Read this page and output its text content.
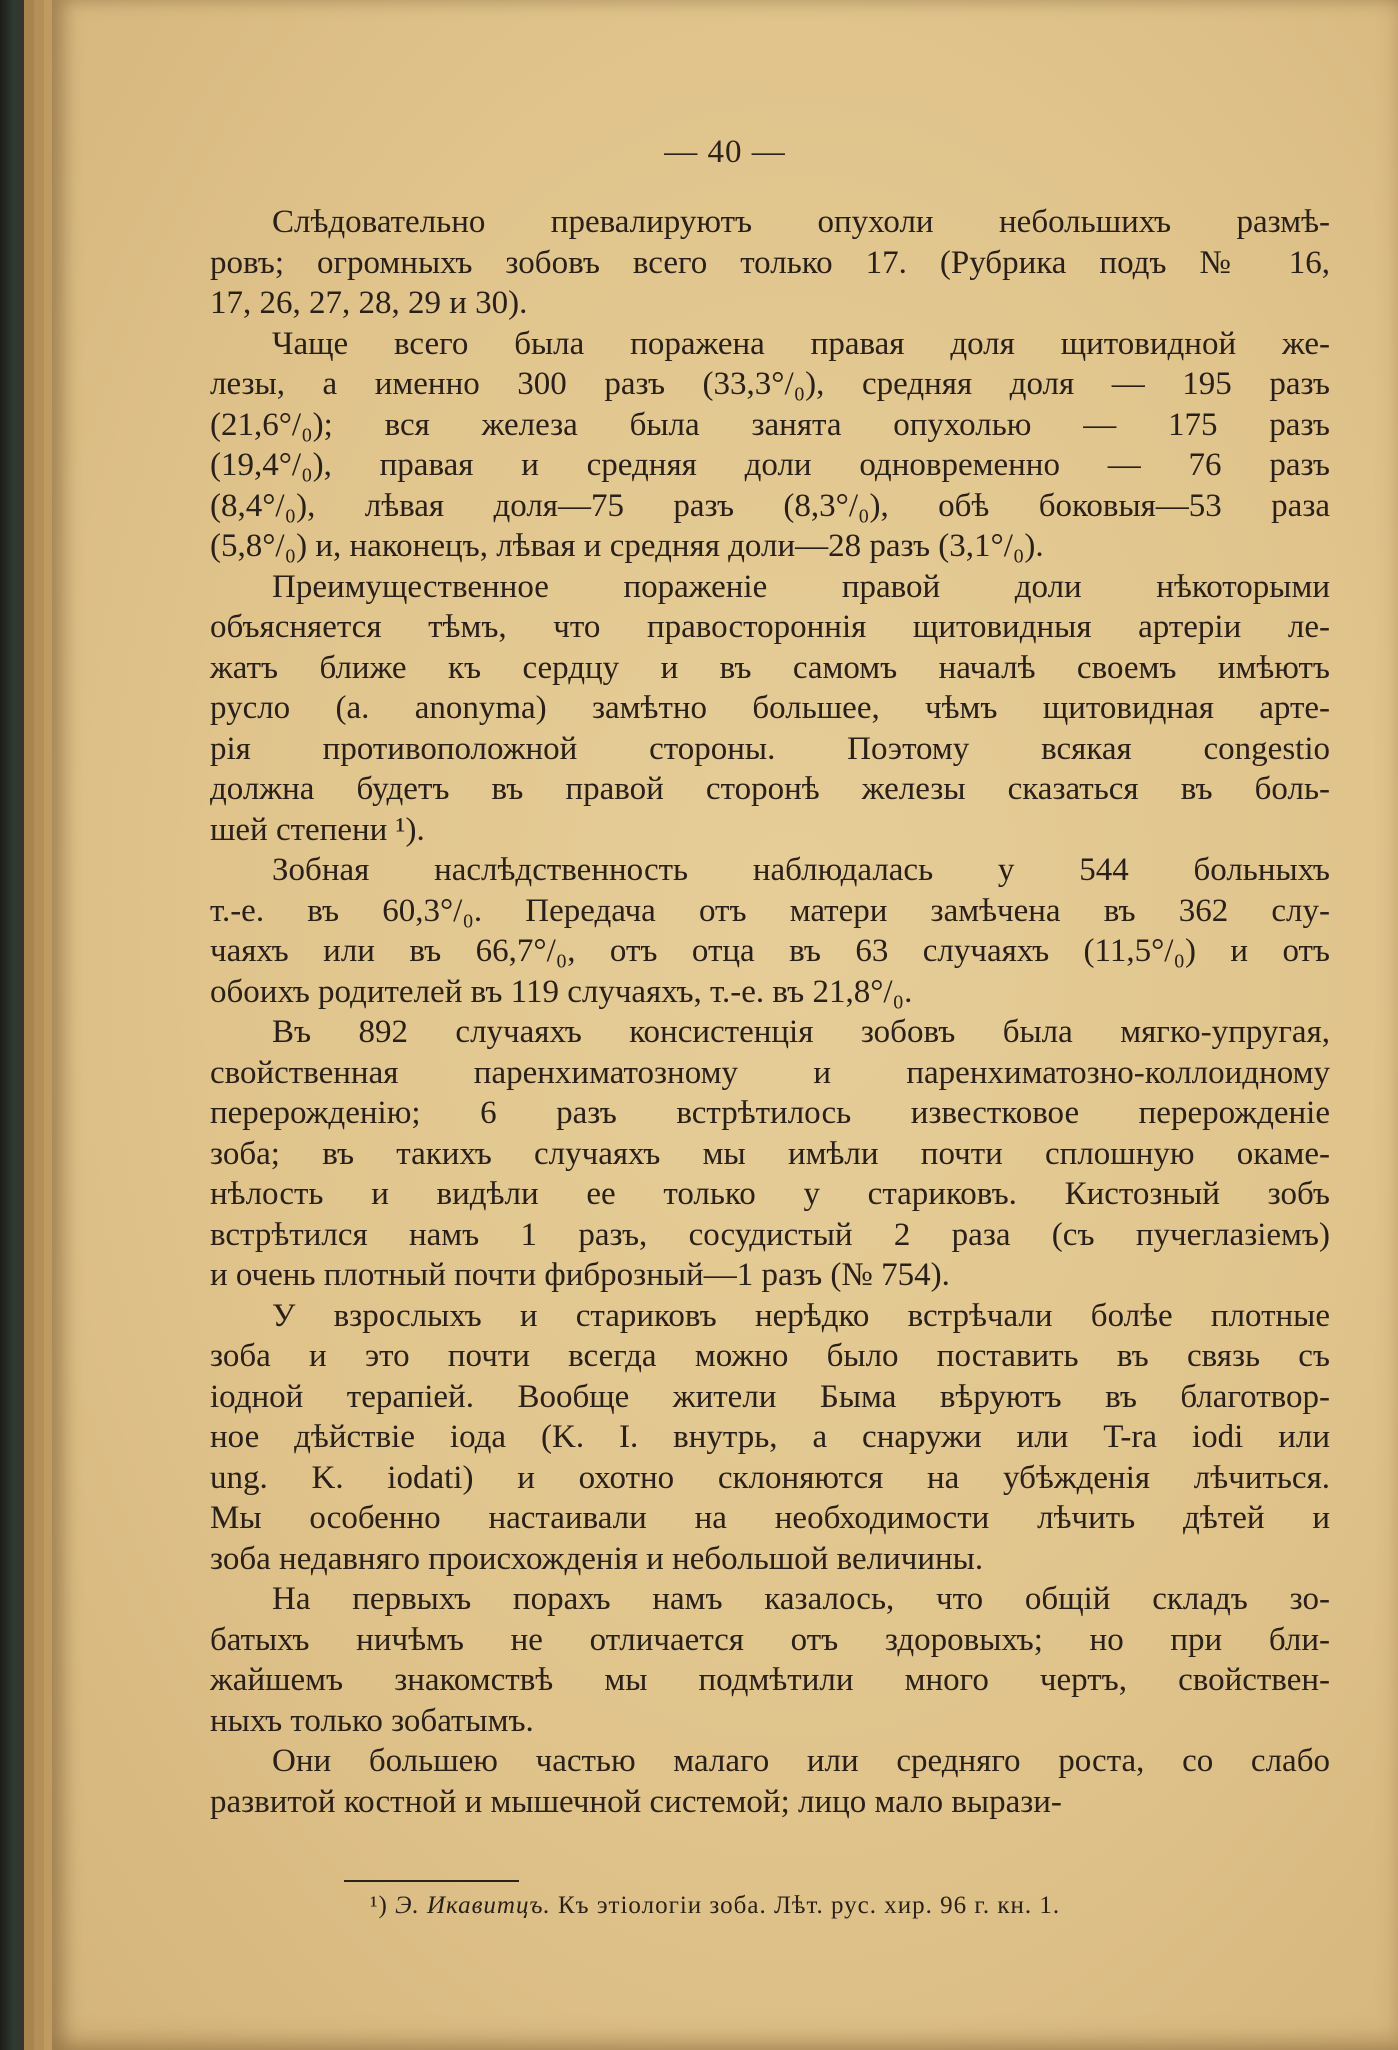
— 40 —
¹) Э. Икавитцъ. Къ этіологіи зоба. Лѣт. рус. хир. 96 г. кн. 1.
Слѣдовательно превалируютъ опухоли небольшихъ размѣ-
ровъ; огромныхъ зобовъ всего только 17. (Рубрика подъ № 16,
17, 26, 27, 28, 29 и 30).
Чаще всего была поражена правая доля щитовидной же-
лезы, а именно 300 разъ (33,3°/₀), средняя доля — 195 разъ
(21,6°/₀); вся железа была занята опухолью — 175 разъ
(19,4°/₀), правая и средняя доли одновременно — 76 разъ
(8,4°/₀), лѣвая доля—75 разъ (8,3°/₀), обѣ боковыя—53 раза
(5,8°/₀) и, наконецъ, лѣвая и средняя доли—28 разъ (3,1°/₀).
Преимущественное пораженіе правой доли нѣкоторыми
объясняется тѣмъ, что правостороннія щитовидныя артеріи ле-
жатъ ближе къ сердцу и въ самомъ началѣ своемъ имѣютъ
русло (а. anonyma) замѣтно большее, чѣмъ щитовидная арте-
рія противоположной стороны. Поэтому всякая congestio
должна будетъ въ правой сторонѣ железы сказаться въ боль-
шей степени ¹).
Зобная наслѣдственность наблюдалась у 544 больныхъ
т.-е. въ 60,3°/₀. Передача отъ матери замѣчена въ 362 слу-
чаяхъ или въ 66,7°/₀, отъ отца въ 63 случаяхъ (11,5°/₀) и отъ
обоихъ родителей въ 119 случаяхъ, т.-е. въ 21,8°/₀.
Въ 892 случаяхъ консистенція зобовъ была мягко-упругая,
свойственная паренхиматозному и паренхиматозно-коллоидному
перерожденію; 6 разъ встрѣтилось известковое перерожденіе
зоба; въ такихъ случаяхъ мы имѣли почти сплошную окаме-
нѣлость и видѣли ее только у стариковъ. Кистозный зобъ
встрѣтился намъ 1 разъ, сосудистый 2 раза (съ пучеглазіемъ)
и очень плотный почти фиброзный—1 разъ (№ 754).
У взрослыхъ и стариковъ нерѣдко встрѣчали болѣе плотные
зоба и это почти всегда можно было поставить въ связь съ
іодной терапіей. Вообще жители Быма вѣруютъ въ благотвор-
ное дѣйствіе іода (K. I. внутрь, а снаружи или T-ra iodi или
ung. K. iodati) и охотно склоняются на убѣжденія лѣчиться.
Мы особенно настаивали на необходимости лѣчить дѣтей и
зоба недавняго происхожденія и небольшой величины.
На первыхъ порахъ намъ казалось, что общій складъ зо-
батыхъ ничѣмъ не отличается отъ здоровыхъ; но при бли-
жайшемъ знакомствѣ мы подмѣтили много чертъ, свойствен-
ныхъ только зобатымъ.
Они большею частью малаго или средняго роста, со слабо
развитой костной и мышечной системой; лицо мало вырази-
